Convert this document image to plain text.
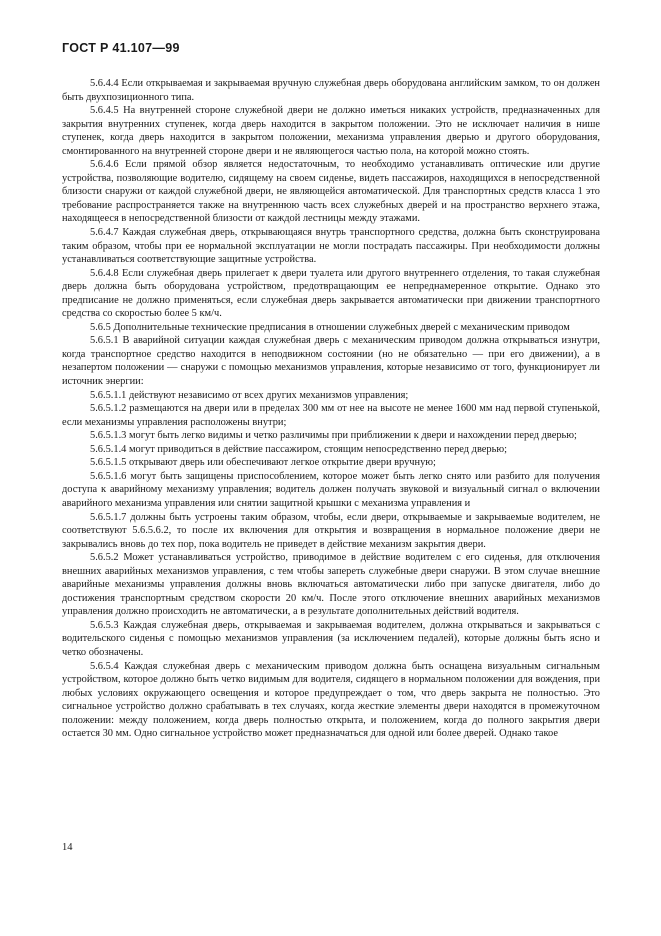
ГОСТ Р 41.107—99

5.6.4.4 Если открываемая и закрываемая вручную служебная дверь оборудована английским замком, то он должен быть двухпозиционного типа.

5.6.4.5 На внутренней стороне служебной двери не должно иметься никаких устройств, предназначенных для закрытия внутренних ступенек, когда дверь находится в закрытом положении. Это не исключает наличия в нише ступенек, когда дверь находится в закрытом положении, механизма управления дверью и другого оборудования, смонтированного на внутренней стороне двери и не являющегося частью пола, на которой можно стоять.

5.6.4.6 Если прямой обзор является недостаточным, то необходимо устанавливать оптические или другие устройства, позволяющие водителю, сидящему на своем сиденье, видеть пассажиров, находящихся в непосредственной близости снаружи от каждой служебной двери, не являющейся автоматической. Для транспортных средств класса 1 это требование распространяется также на внутреннюю часть всех служебных дверей и на пространство верхнего этажа, находящееся в непосредственной близости от каждой лестницы между этажами.

5.6.4.7 Каждая служебная дверь, открывающаяся внутрь транспортного средства, должна быть сконструирована таким образом, чтобы при ее нормальной эксплуатации не могли пострадать пассажиры. При необходимости должны устанавливаться соответствующие защитные устройства.

5.6.4.8 Если служебная дверь прилегает к двери туалета или другого внутреннего отделения, то такая служебная дверь должна быть оборудована устройством, предотвращающим ее непреднамеренное открытие. Однако это предписание не должно применяться, если служебная дверь закрывается автоматически при движении транспортного средства со скоростью более 5 км/ч.

5.6.5 Дополнительные технические предписания в отношении служебных дверей с механическим приводом

5.6.5.1 В аварийной ситуации каждая служебная дверь с механическим приводом должна открываться изнутри, когда транспортное средство находится в неподвижном состоянии (но не обязательно — при его движении), а в незапертом положении — снаружи с помощью механизмов управления, которые независимо от того, функционирует ли источник энергии:

5.6.5.1.1 действуют независимо от всех других механизмов управления;

5.6.5.1.2 размещаются на двери или в пределах 300 мм от нее на высоте не менее 1600 мм над первой ступенькой, если механизмы управления расположены внутри;

5.6.5.1.3 могут быть легко видимы и четко различимы при приближении к двери и нахождении перед дверью;

5.6.5.1.4 могут приводиться в действие пассажиром, стоящим непосредственно перед дверью;

5.6.5.1.5 открывают дверь или обеспечивают легкое открытие двери вручную;

5.6.5.1.6 могут быть защищены приспособлением, которое может быть легко снято или разбито для получения доступа к аварийному механизму управления; водитель должен получать звуковой и визуальный сигнал о включении аварийного механизма управления или снятии защитной крышки с механизма управления и

5.6.5.1.7 должны быть устроены таким образом, чтобы, если двери, открываемые и закрываемые водителем, не соответствуют 5.6.5.6.2, то после их включения для открытия и возвращения в нормальное положение двери не закрывались вновь до тех пор, пока водитель не приведет в действие механизм закрытия двери.

5.6.5.2 Может устанавливаться устройство, приводимое в действие водителем с его сиденья, для отключения внешних аварийных механизмов управления, с тем чтобы запереть служебные двери снаружи. В этом случае внешние аварийные механизмы управления должны вновь включаться автоматически либо при запуске двигателя, либо до достижения транспортным средством скорости 20 км/ч. После этого отключение внешних аварийных механизмов управления должно происходить не автоматически, а в результате дополнительных действий водителя.

5.6.5.3 Каждая служебная дверь, открываемая и закрываемая водителем, должна открываться и закрываться с водительского сиденья с помощью механизмов управления (за исключением педалей), которые должны быть ясно и четко обозначены.

5.6.5.4 Каждая служебная дверь с механическим приводом должна быть оснащена визуальным сигнальным устройством, которое должно быть четко видимым для водителя, сидящего в нормальном положении для вождения, при любых условиях окружающего освещения и которое предупреждает о том, что дверь закрыта не полностью. Это сигнальное устройство должно срабатывать в тех случаях, когда жесткие элементы двери находятся в промежуточном положении: между положением, когда дверь полностью открыта, и положением, когда до полного закрытия двери остается 30 мм. Одно сигнальное устройство может предназначаться для одной или более дверей. Однако такое

14
